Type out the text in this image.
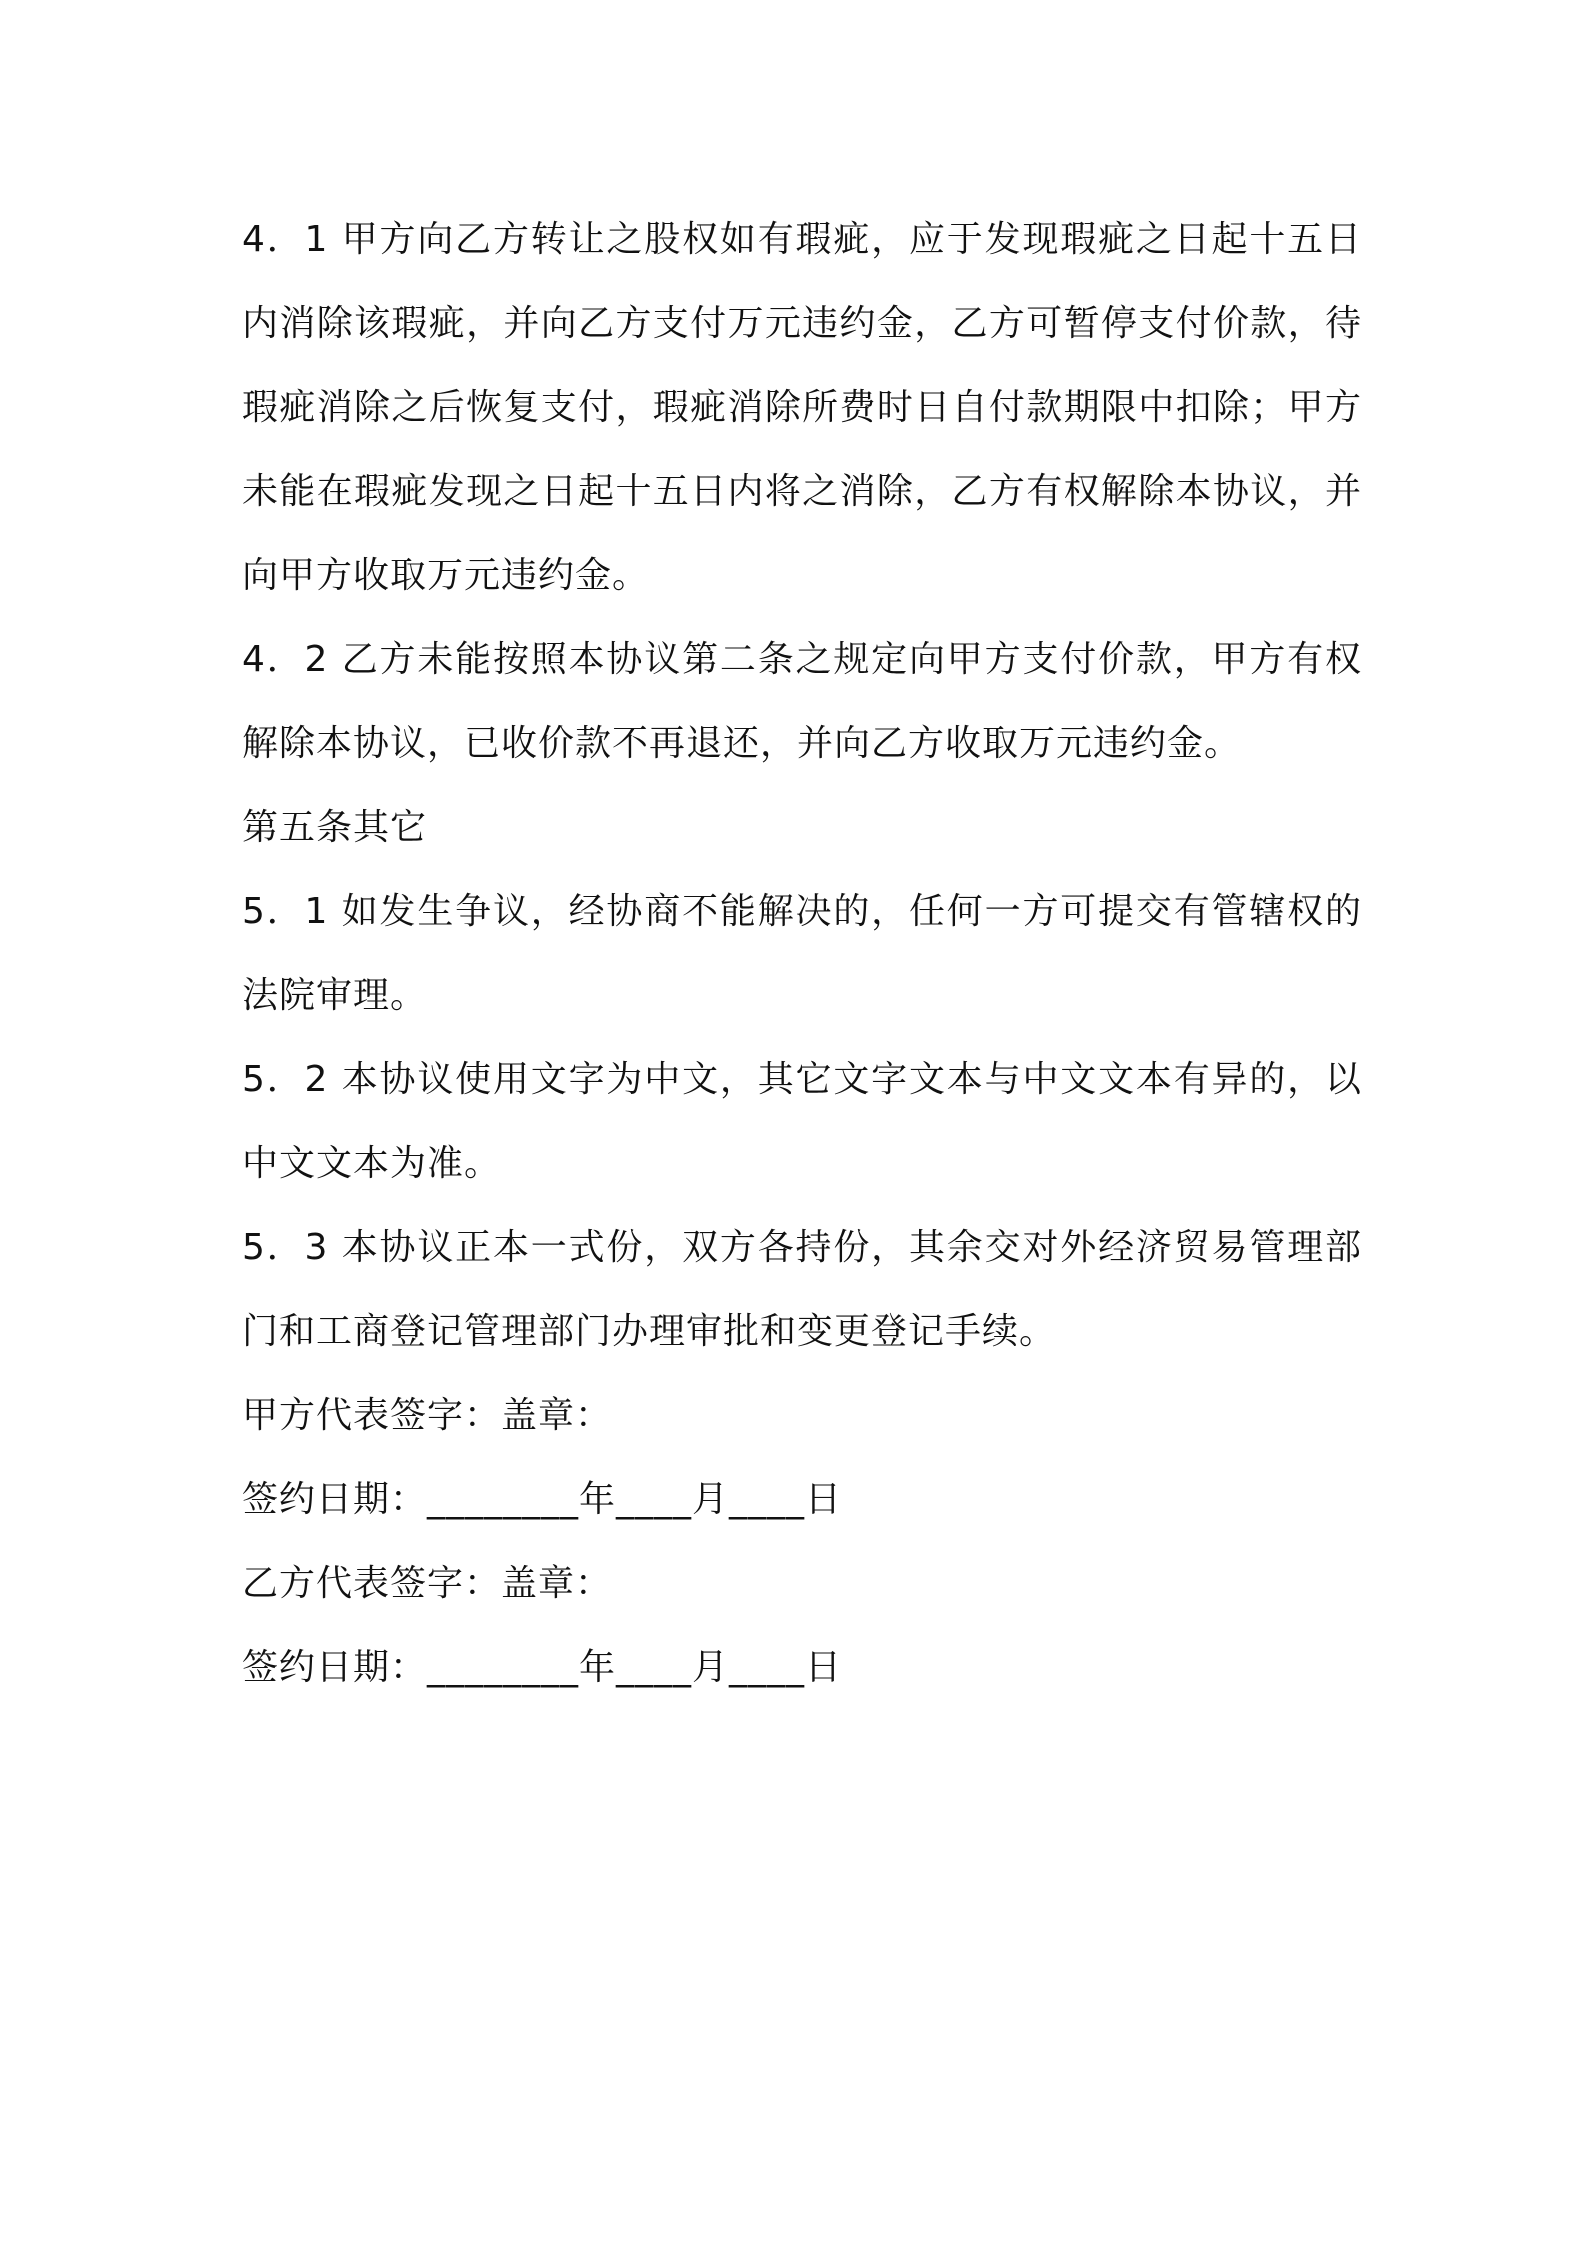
4．1 甲方向乙方转让之股权如有瑕疵，应于发现瑕疵之日起十五日内消除该瑕疵，并向乙方支付万元违约金，乙方可暂停支付价款，待瑕疵消除之后恢复支付，瑕疵消除所费时日自付款期限中扣除；甲方未能在瑕疵发现之日起十五日内将之消除，乙方有权解除本协议，并向甲方收取万元违约金。

4．2 乙方未能按照本协议第二条之规定向甲方支付价款，甲方有权解除本协议，已收价款不再退还，并向乙方收取万元违约金。

第五条其它

5．1 如发生争议，经协商不能解决的，任何一方可提交有管辖权的法院审理。

5．2 本协议使用文字为中文，其它文字文本与中文文本有异的，以中文文本为准。

5．3 本协议正本一式份，双方各持份，其余交对外经济贸易管理部门和工商登记管理部门办理审批和变更登记手续。

甲方代表签字：盖章：

签约日期：________年____月____日

乙方代表签字：盖章：

签约日期：________年____月____日
